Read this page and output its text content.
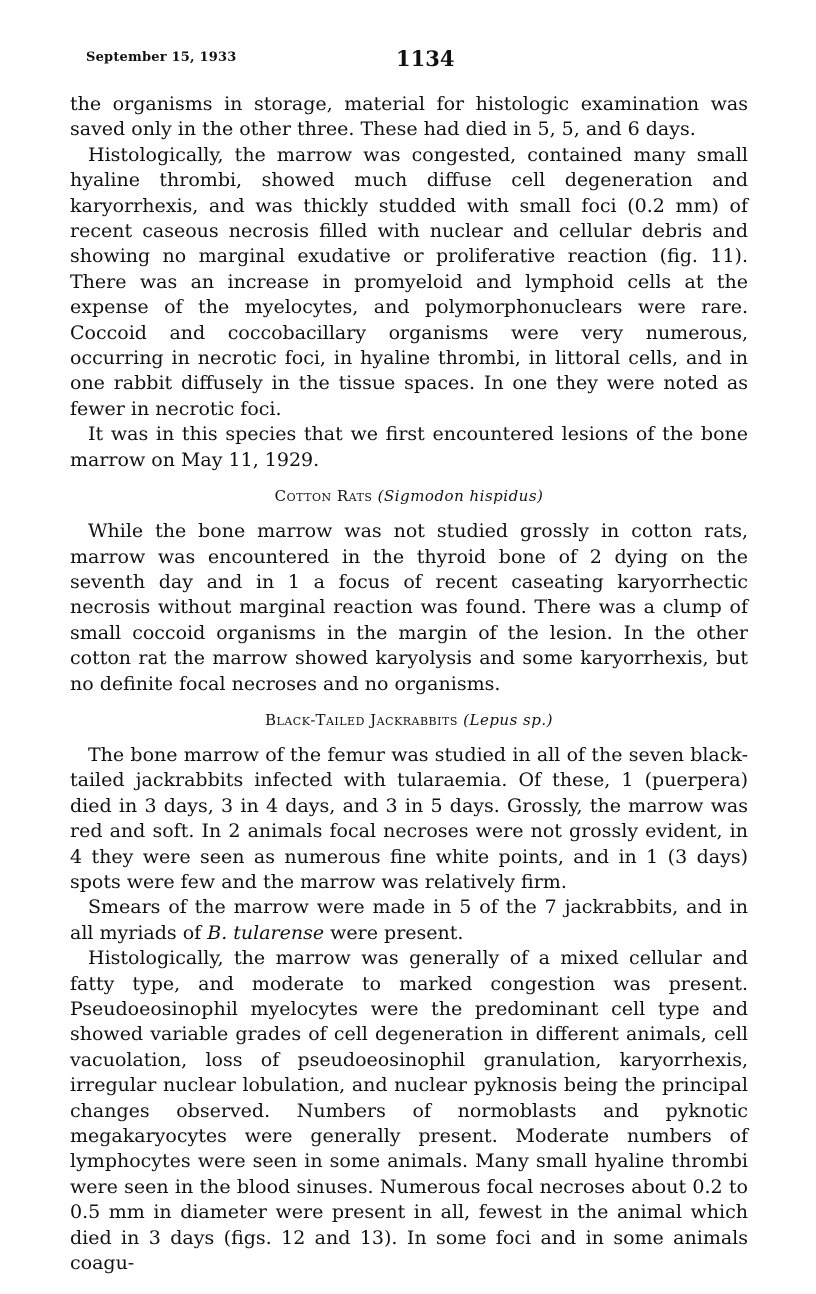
September 15, 1933	1134

the organisms in storage, material for histologic examination was saved only in the other three. These had died in 5, 5, and 6 days.

Histologically, the marrow was congested, contained many small hyaline thrombi, showed much diffuse cell degeneration and karyorrhexis, and was thickly studded with small foci (0.2 mm) of recent caseous necrosis filled with nuclear and cellular debris and showing no marginal exudative or proliferative reaction (fig. 11). There was an increase in promyeloid and lymphoid cells at the expense of the myelocytes, and polymorphonuclears were rare. Coccoid and coccobacillary organisms were very numerous, occurring in necrotic foci, in hyaline thrombi, in littoral cells, and in one rabbit diffusely in the tissue spaces. In one they were noted as fewer in necrotic foci.

It was in this species that we first encountered lesions of the bone marrow on May 11, 1929.

Cotton Rats (Sigmodon hispidus)

While the bone marrow was not studied grossly in cotton rats, marrow was encountered in the thyroid bone of 2 dying on the seventh day and in 1 a focus of recent caseating karyorrhectic necrosis without marginal reaction was found. There was a clump of small coccoid organisms in the margin of the lesion. In the other cotton rat the marrow showed karyolysis and some karyorrhexis, but no definite focal necroses and no organisms.

Black-Tailed Jackrabbits (Lepus sp.)

The bone marrow of the femur was studied in all of the seven black-tailed jackrabbits infected with tularaemia. Of these, 1 (puerpera) died in 3 days, 3 in 4 days, and 3 in 5 days. Grossly, the marrow was red and soft. In 2 animals focal necroses were not grossly evident, in 4 they were seen as numerous fine white points, and in 1 (3 days) spots were few and the marrow was relatively firm.

Smears of the marrow were made in 5 of the 7 jackrabbits, and in all myriads of B. tularense were present.

Histologically, the marrow was generally of a mixed cellular and fatty type, and moderate to marked congestion was present. Pseudoeosinophil myelocytes were the predominant cell type and showed variable grades of cell degeneration in different animals, cell vacuolation, loss of pseudoeosinophil granulation, karyorrhexis, irregular nuclear lobulation, and nuclear pyknosis being the principal changes observed. Numbers of normoblasts and pyknotic megakaryocytes were generally present. Moderate numbers of lymphocytes were seen in some animals. Many small hyaline thrombi were seen in the blood sinuses. Numerous focal necroses about 0.2 to 0.5 mm in diameter were present in all, fewest in the animal which died in 3 days (figs. 12 and 13). In some foci and in some animals coagu-
